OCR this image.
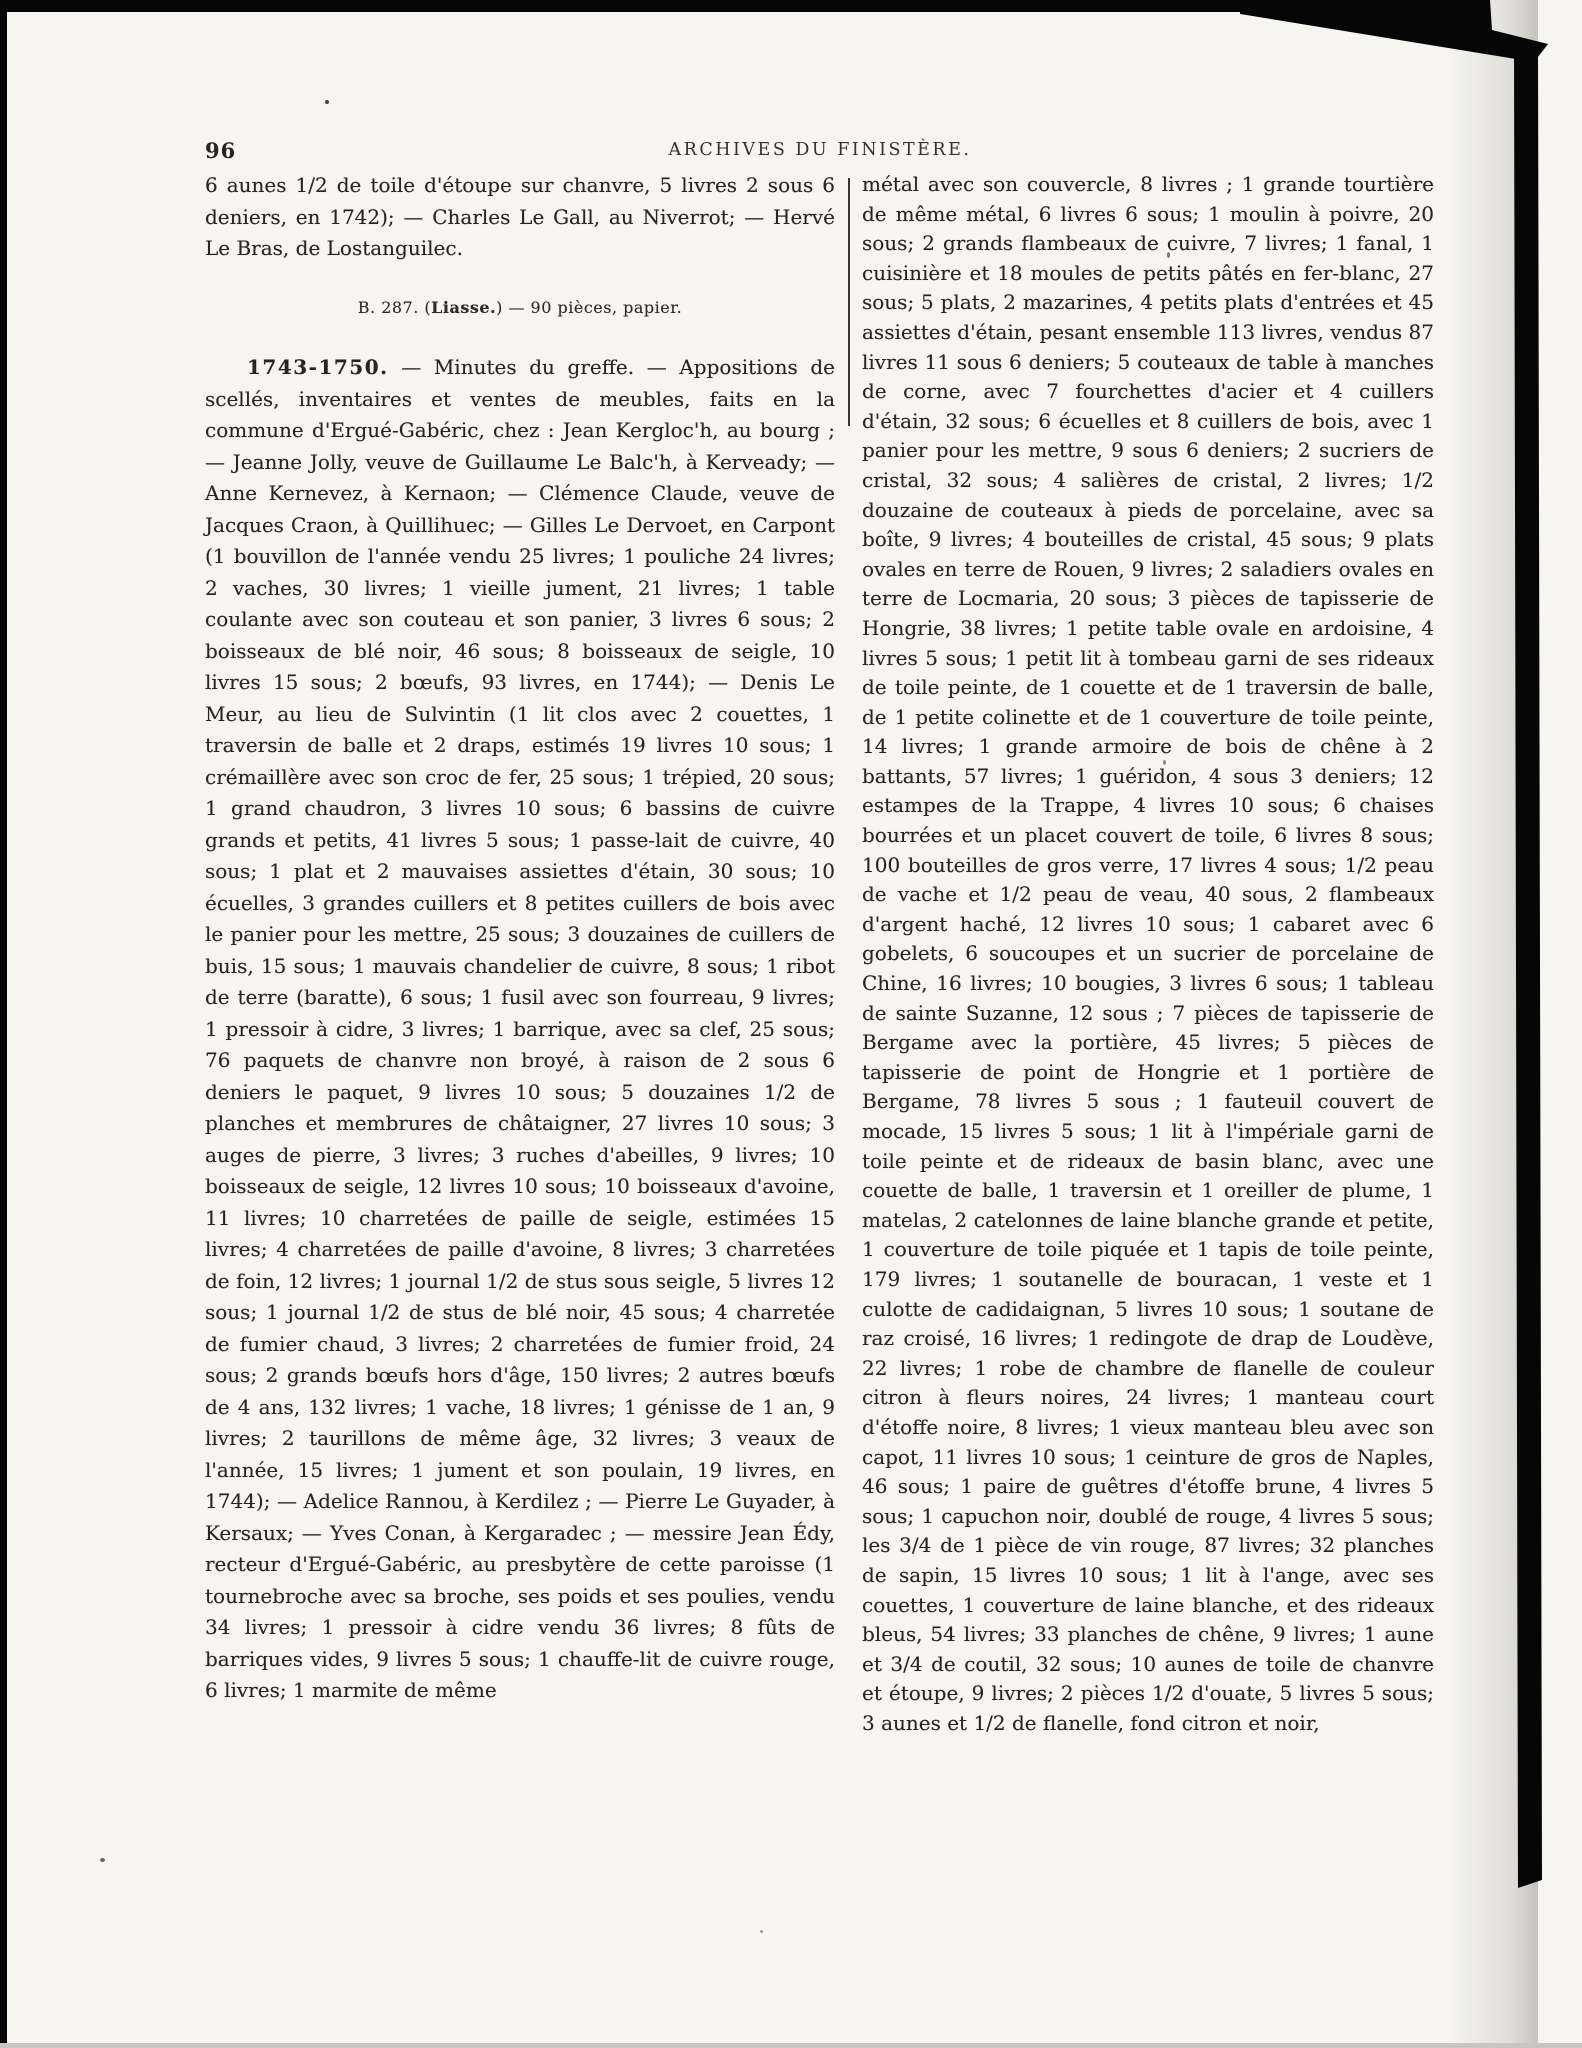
96	ARCHIVES DU FINISTÈRE.

6 aunes 1/2 de toile d'étoupe sur chanvre, 5 livres 2 sous 6 deniers, en 1742); — Charles Le Gall, au Niverrot; — Hervé Le Bras, de Lostanguilec.

B. 287. (Liasse.) — 90 pièces, papier.

1743-1750. — Minutes du greffe. — Appositions de scellés, inventaires et ventes de meubles, faits en la commune d'Ergué-Gabéric, chez : Jean Kergloc'h, au bourg ; — Jeanne Jolly, veuve de Guillaume Le Balc'h, à Kerveady; — Anne Kernevez, à Kernaon; — Clémence Claude, veuve de Jacques Craon, à Quillihuec; — Gilles Le Dervoet, en Carpont (1 bouvillon de l'année vendu 25 livres; 1 pouliche 24 livres; 2 vaches, 30 livres; 1 vieille jument, 21 livres; 1 table coulante avec son couteau et son panier, 3 livres 6 sous; 2 boisseaux de blé noir, 46 sous; 8 boisseaux de seigle, 10 livres 15 sous; 2 bœufs, 93 livres, en 1744); — Denis Le Meur, au lieu de Sulvintin (1 lit clos avec 2 couettes, 1 traversin de balle et 2 draps, estimés 19 livres 10 sous; 1 crémaillère avec son croc de fer, 25 sous; 1 trépied, 20 sous; 1 grand chaudron, 3 livres 10 sous; 6 bassins de cuivre grands et petits, 41 livres 5 sous; 1 passe-lait de cuivre, 40 sous; 1 plat et 2 mauvaises assiettes d'étain, 30 sous; 10 écuelles, 3 grandes cuillers et 8 petites cuillers de bois avec le panier pour les mettre, 25 sous; 3 douzaines de cuillers de buis, 15 sous; 1 mauvais chandelier de cuivre, 8 sous; 1 ribot de terre (baratte), 6 sous; 1 fusil avec son fourreau, 9 livres; 1 pressoir à cidre, 3 livres; 1 barrique, avec sa clef, 25 sous; 76 paquets de chanvre non broyé, à raison de 2 sous 6 deniers le paquet, 9 livres 10 sous; 5 douzaines 1/2 de planches et membrures de châtaigner, 27 livres 10 sous; 3 auges de pierre, 3 livres; 3 ruches d'abeilles, 9 livres; 10 boisseaux de seigle, 12 livres 10 sous; 10 boisseaux d'avoine, 11 livres; 10 charretées de paille de seigle, estimées 15 livres; 4 charretées de paille d'avoine, 8 livres; 3 charretées de foin, 12 livres; 1 journal 1/2 de stus sous seigle, 5 livres 12 sous; 1 journal 1/2 de stus de blé noir, 45 sous; 4 charretée de fumier chaud, 3 livres; 2 charretées de fumier froid, 24 sous; 2 grands bœufs hors d'âge, 150 livres; 2 autres bœufs de 4 ans, 132 livres; 1 vache, 18 livres; 1 génisse de 1 an, 9 livres; 2 taurillons de même âge, 32 livres; 3 veaux de l'année, 15 livres; 1 jument et son poulain, 19 livres, en 1744); — Adelice Rannou, à Kerdilez ; — Pierre Le Guyader, à Kersaux; — Yves Conan, à Kergaradec ; — messire Jean Édy, recteur d'Ergué-Gabéric, au presbytère de cette paroisse (1 tournebroche avec sa broche, ses poids et ses poulies, vendu 34 livres; 1 pressoir à cidre vendu 36 livres; 8 fûts de barriques vides, 9 livres 5 sous; 1 chauffe-lit de cuivre rouge, 6 livres; 1 marmite de même

métal avec son couvercle, 8 livres ; 1 grande tourtière de même métal, 6 livres 6 sous; 1 moulin à poivre, 20 sous; 2 grands flambeaux de cuivre, 7 livres; 1 fanal, 1 cuisinière et 18 moules de petits pâtés en fer-blanc, 27 sous; 5 plats, 2 mazarines, 4 petits plats d'entrées et 45 assiettes d'étain, pesant ensemble 113 livres, vendus 87 livres 11 sous 6 deniers; 5 couteaux de table à manches de corne, avec 7 fourchettes d'acier et 4 cuillers d'étain, 32 sous; 6 écuelles et 8 cuillers de bois, avec 1 panier pour les mettre, 9 sous 6 deniers; 2 sucriers de cristal, 32 sous; 4 salières de cristal, 2 livres; 1/2 douzaine de couteaux à pieds de porcelaine, avec sa boîte, 9 livres; 4 bouteilles de cristal, 45 sous; 9 plats ovales en terre de Rouen, 9 livres; 2 saladiers ovales en terre de Locmaria, 20 sous; 3 pièces de tapisserie de Hongrie, 38 livres; 1 petite table ovale en ardoisine, 4 livres 5 sous; 1 petit lit à tombeau garni de ses rideaux de toile peinte, de 1 couette et de 1 traversin de balle, de 1 petite colinette et de 1 couverture de toile peinte, 14 livres; 1 grande armoire de bois de chêne à 2 battants, 57 livres; 1 guéridon, 4 sous 3 deniers; 12 estampes de la Trappe, 4 livres 10 sous; 6 chaises bourrées et un placet couvert de toile, 6 livres 8 sous; 100 bouteilles de gros verre, 17 livres 4 sous; 1/2 peau de vache et 1/2 peau de veau, 40 sous, 2 flambeaux d'argent haché, 12 livres 10 sous; 1 cabaret avec 6 gobelets, 6 soucoupes et un sucrier de porcelaine de Chine, 16 livres; 10 bougies, 3 livres 6 sous; 1 tableau de sainte Suzanne, 12 sous ; 7 pièces de tapisserie de Bergame avec la portière, 45 livres; 5 pièces de tapisserie de point de Hongrie et 1 portière de Bergame, 78 livres 5 sous ; 1 fauteuil couvert de mocade, 15 livres 5 sous; 1 lit à l'impériale garni de toile peinte et de rideaux de basin blanc, avec une couette de balle, 1 traversin et 1 oreiller de plume, 1 matelas, 2 catelonnes de laine blanche grande et petite, 1 couverture de toile piquée et 1 tapis de toile peinte, 179 livres; 1 soutanelle de bouracan, 1 veste et 1 culotte de cadidaignan, 5 livres 10 sous; 1 soutane de raz croisé, 16 livres; 1 redingote de drap de Loudève, 22 livres; 1 robe de chambre de flanelle de couleur citron à fleurs noires, 24 livres; 1 manteau court d'étoffe noire, 8 livres; 1 vieux manteau bleu avec son capot, 11 livres 10 sous; 1 ceinture de gros de Naples, 46 sous; 1 paire de guêtres d'étoffe brune, 4 livres 5 sous; 1 capuchon noir, doublé de rouge, 4 livres 5 sous; les 3/4 de 1 pièce de vin rouge, 87 livres; 32 planches de sapin, 15 livres 10 sous; 1 lit à l'ange, avec ses couettes, 1 couverture de laine blanche, et des rideaux bleus, 54 livres; 33 planches de chêne, 9 livres; 1 aune et 3/4 de coutil, 32 sous; 10 aunes de toile de chanvre et étoupe, 9 livres; 2 pièces 1/2 d'ouate, 5 livres 5 sous; 3 aunes et 1/2 de flanelle, fond citron et noir,
